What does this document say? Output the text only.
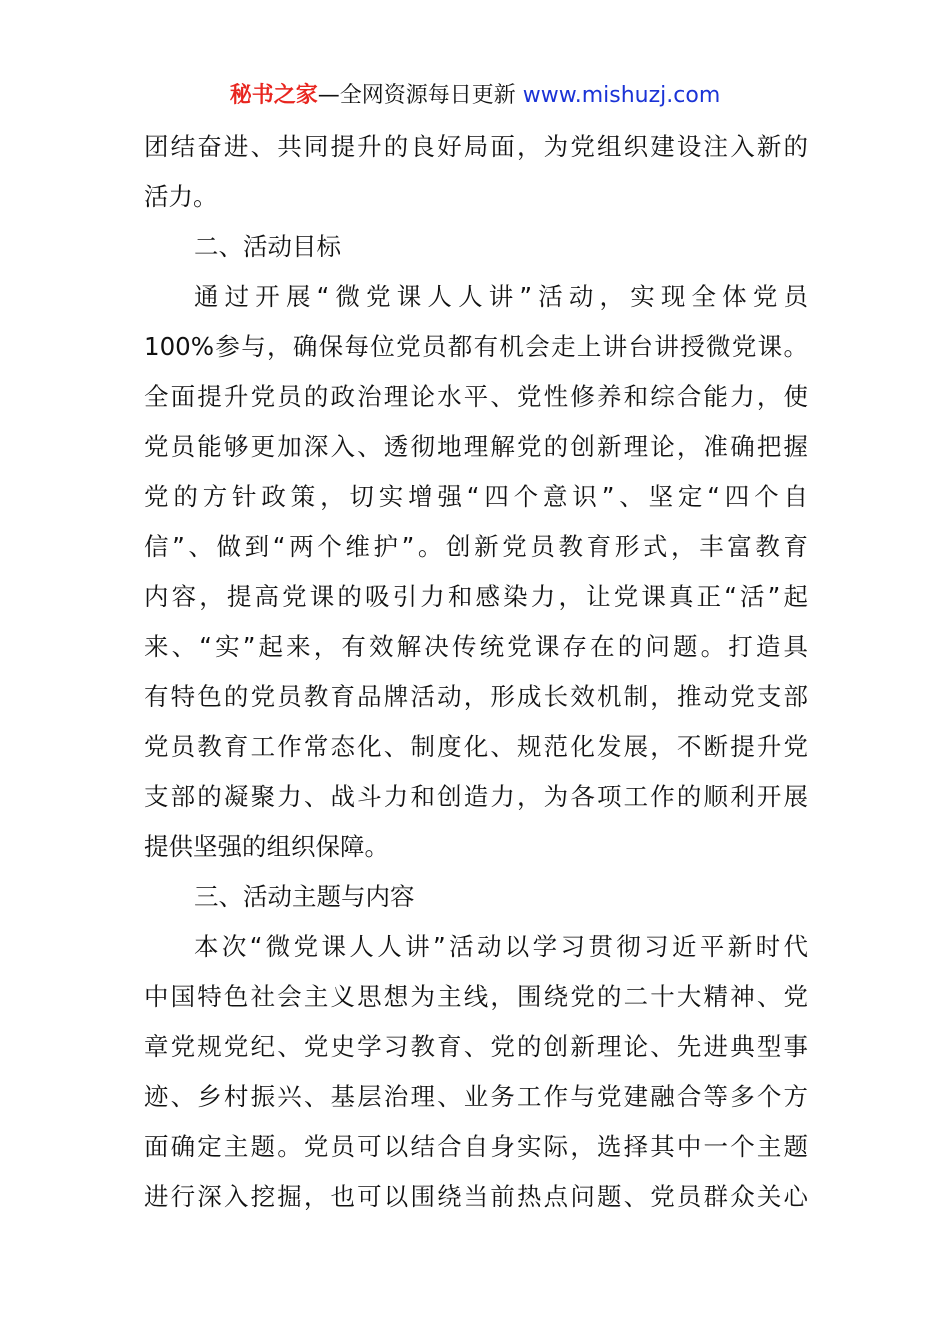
秘书之家—全网资源每日更新 www.mishuzj.com
团结奋进、共同提升的良好局面，为党组织建设注入新的
活力。
二、活动目标
通过开展“微党课人人讲”活动，实现全体党员
100%参与，确保每位党员都有机会走上讲台讲授微党课。
全面提升党员的政治理论水平、党性修养和综合能力，使
党员能够更加深入、透彻地理解党的创新理论，准确把握
党的方针政策，切实增强“四个意识”、坚定“四个自
信”、做到“两个维护”。创新党员教育形式，丰富教育
内容，提高党课的吸引力和感染力，让党课真正“活”起
来、“实”起来，有效解决传统党课存在的问题。打造具
有特色的党员教育品牌活动，形成长效机制，推动党支部
党员教育工作常态化、制度化、规范化发展，不断提升党
支部的凝聚力、战斗力和创造力，为各项工作的顺利开展
提供坚强的组织保障。
三、活动主题与内容
本次“微党课人人讲”活动以学习贯彻习近平新时代
中国特色社会主义思想为主线，围绕党的二十大精神、党
章党规党纪、党史学习教育、党的创新理论、先进典型事
迹、乡村振兴、基层治理、业务工作与党建融合等多个方
面确定主题。党员可以结合自身实际，选择其中一个主题
进行深入挖掘，也可以围绕当前热点问题、党员群众关心
